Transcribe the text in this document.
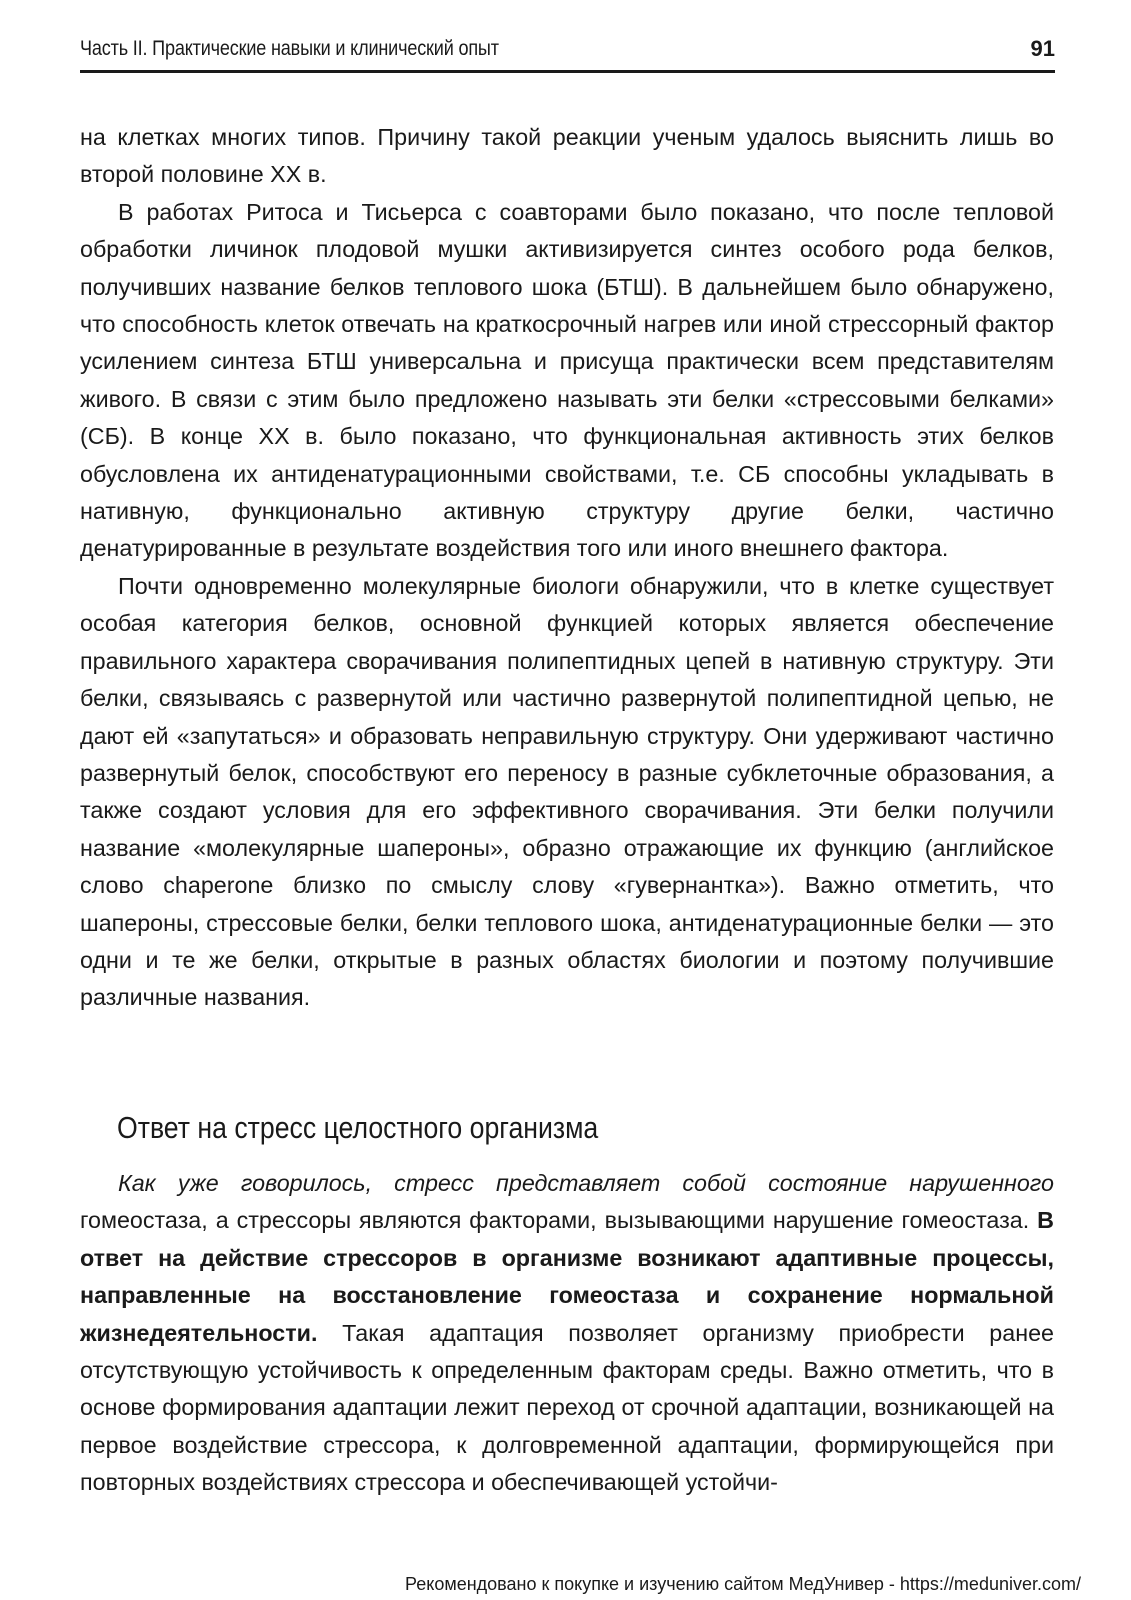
Часть II. Практические навыки и клинический опыт	91

на клетках многих типов. Причину такой реакции ученым удалось выяснить лишь во второй половине XX в.

В работах Ритоса и Тисьерса с соавторами было показано, что после тепловой обработки личинок плодовой мушки активизируется синтез особого рода белков, получивших название белков теплового шока (БТШ). В дальнейшем было обнаружено, что способность клеток отвечать на краткосрочный нагрев или иной стрессорный фактор усилением синтеза БТШ универсальна и присуща практически всем представителям живого. В связи с этим было предложено называть эти белки «стрессовыми белками» (СБ). В конце XX в. было показано, что функциональная активность этих белков обусловлена их антиденатурационными свойствами, т.е. СБ способны укладывать в нативную, функционально активную структуру другие белки, частично денатурированные в результате воздействия того или иного внешнего фактора.

Почти одновременно молекулярные биологи обнаружили, что в клетке существует особая категория белков, основной функцией которых является обеспечение правильного характера сворачивания полипептидных цепей в нативную структуру. Эти белки, связываясь с развернутой или частично развернутой полипептидной цепью, не дают ей «запутаться» и образовать неправильную структуру. Они удерживают частично развернутый белок, способствуют его переносу в разные субклеточные образования, а также создают условия для его эффективного сворачивания. Эти белки получили название «молекулярные шапероны», образно отражающие их функцию (английское слово chaperone близко по смыслу слову «гувернантка»). Важно отметить, что шапероны, стрессовые белки, белки теплового шока, антиденатурационные белки — это одни и те же белки, открытые в разных областях биологии и поэтому получившие различные названия.

Ответ на стресс целостного организма

Как уже говорилось, стресс представляет собой состояние нарушенного гомеостаза, а стрессоры являются факторами, вызывающими нарушение гомеостаза. В ответ на действие стрессоров в организме возникают адаптивные процессы, направленные на восстановление гомеостаза и сохранение нормальной жизнедеятельности. Такая адаптация позволяет организму приобрести ранее отсутствующую устойчивость к определенным факторам среды. Важно отметить, что в основе формирования адаптации лежит переход от срочной адаптации, возникающей на первое воздействие стрессора, к долговременной адаптации, формирующейся при повторных воздействиях стрессора и обеспечивающей устойчи-

Рекомендовано к покупке и изучению сайтом МедУнивер - https://meduniver.com/
